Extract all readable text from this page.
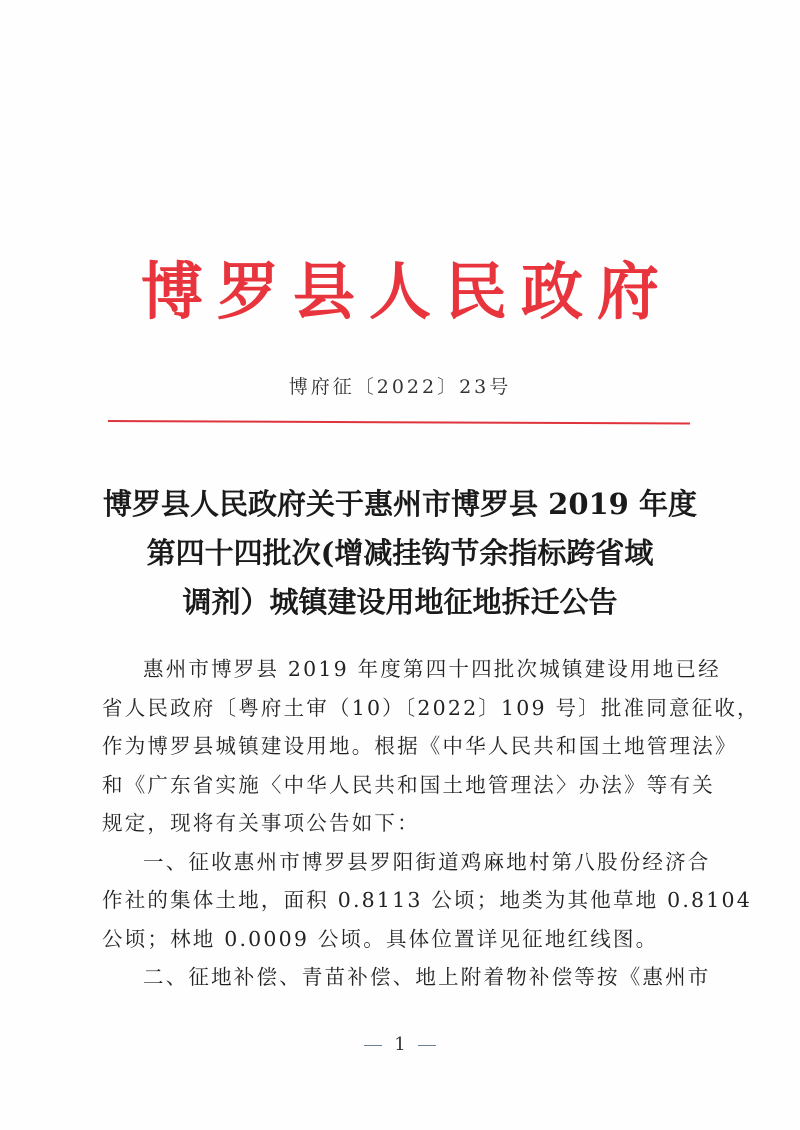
博罗县人民政府
博府征〔2022〕23号
博罗县人民政府关于惠州市博罗县 2019 年度
第四十四批次(增减挂钩节余指标跨省域
调剂）城镇建设用地征地拆迁公告
惠州市博罗县 2019 年度第四十四批次城镇建设用地已经
省人民政府〔粤府土审（10）〔2022〕109 号〕批准同意征收，
作为博罗县城镇建设用地。根据《中华人民共和国土地管理法》
和《广东省实施〈中华人民共和国土地管理法〉办法》等有关
规定，现将有关事项公告如下：
一、征收惠州市博罗县罗阳街道鸡麻地村第八股份经济合
作社的集体土地，面积 0.8113 公顷；地类为其他草地 0.8104
公顷；林地 0.0009 公顷。具体位置详见征地红线图。
二、征地补偿、青苗补偿、地上附着物补偿等按《惠州市
1
